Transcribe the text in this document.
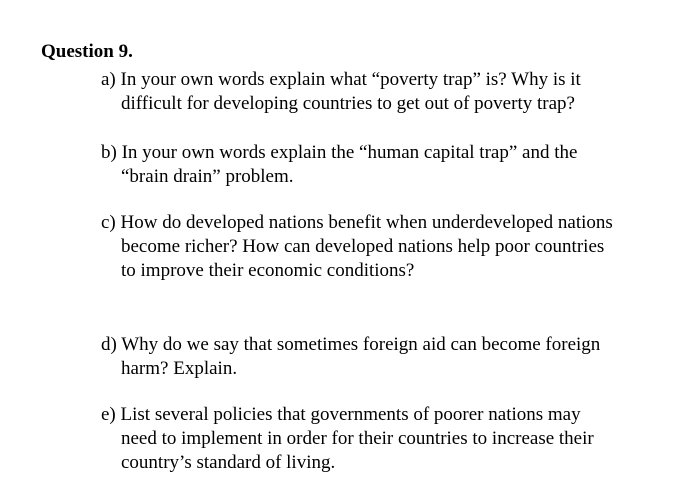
Question 9.
a) In your own words explain what “poverty trap” is? Why is it
difficult for developing countries to get out of poverty trap?
b) In your own words explain the “human capital trap” and the
“brain drain” problem.
c) How do developed nations benefit when underdeveloped nations
become richer? How can developed nations help poor countries
to improve their economic conditions?
d) Why do we say that sometimes foreign aid can become foreign
harm? Explain.
e) List several policies that governments of poorer nations may
need to implement in order for their countries to increase their
country’s standard of living.
